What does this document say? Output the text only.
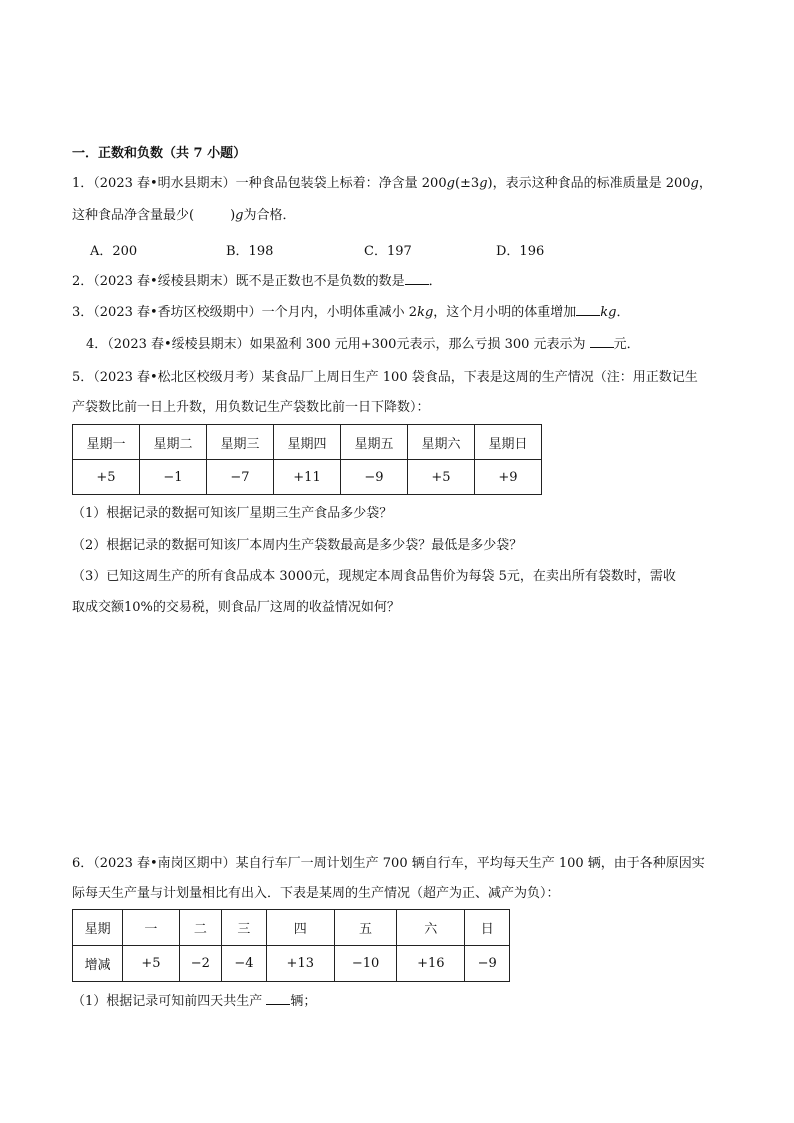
一．正数和负数（共 7 小题）
1．（2023 春•明水县期末）一种食品包装袋上标着：净含量 200g(±3g)，表示这种食品的标准质量是 200g，
这种食品净含量最少(	)g为合格．
A．200	B．198	C．197	D．196
2．（2023 春•绥棱县期末）既不是正数也不是负数的数是 ．
3．（2023 春•香坊区校级期中）一个月内，小明体重减小 2kg，这个月小明的体重增加 kg．
4．（2023 春•绥棱县期末）如果盈利 300 元用+300元表示，那么亏损 300 元表示为 元．
5．（2023 春•松北区校级月考）某食品厂上周日生产 100 袋食品，下表是这周的生产情况（注：用正数记生
产袋数比前一日上升数，用负数记生产袋数比前一日下降数）：
星期一	星期二	星期三	星期四	星期五	星期六	星期日
+5	−1	−7	+11	−9	+5	+9
（1）根据记录的数据可知该厂星期三生产食品多少袋？
（2）根据记录的数据可知该厂本周内生产袋数最高是多少袋？最低是多少袋？
（3）已知这周生产的所有食品成本 3000元，现规定本周食品售价为每袋 5元，在卖出所有袋数时，需收
取成交额10%的交易税，则食品厂这周的收益情况如何？
6．（2023 春•南岗区期中）某自行车厂一周计划生产 700 辆自行车，平均每天生产 100 辆，由于各种原因实
际每天生产量与计划量相比有出入．下表是某周的生产情况（超产为正、减产为负）：
星期	一	二	三	四	五	六	日
增减	+5	−2	−4	+13	−10	+16	−9
（1）根据记录可知前四天共生产 辆；
